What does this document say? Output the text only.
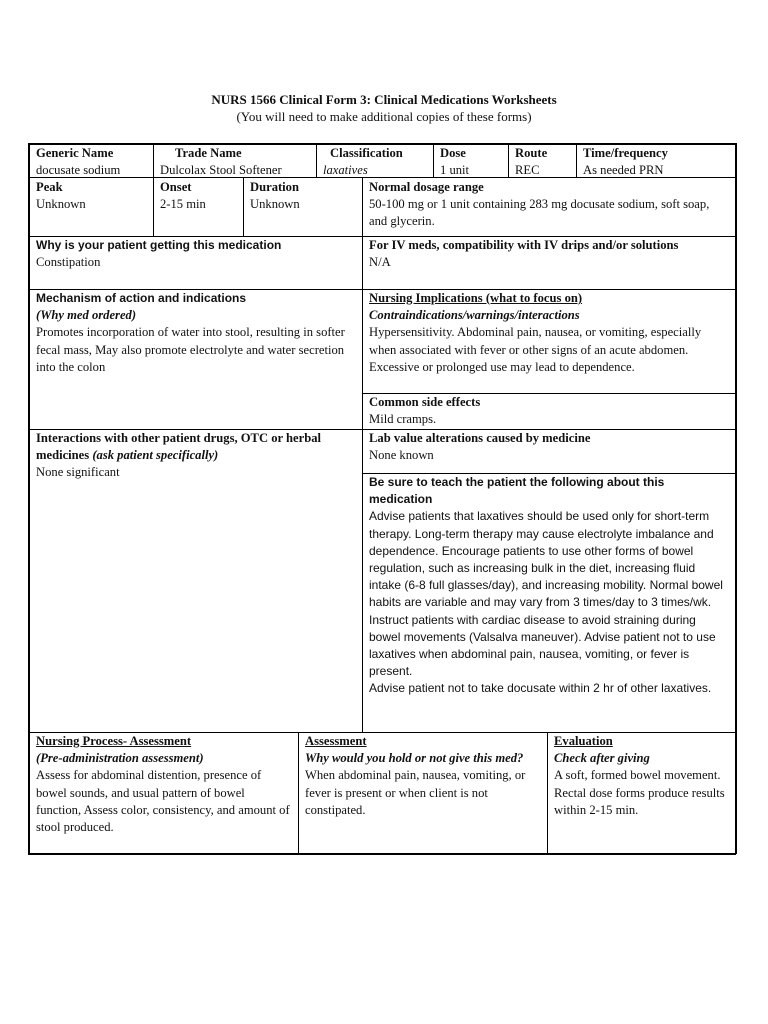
NURS 1566 Clinical Form 3: Clinical Medications Worksheets
(You will need to make additional copies of these forms)
Generic Name
docusate sodium
Trade Name
Dulcolax Stool Softener
Classification
laxatives
Dose
1 unit
Route
REC
Time/frequency
As needed PRN
Peak
Unknown
Onset
2-15 min
Duration
Unknown
Normal dosage range
50-100 mg or 1 unit containing 283 mg docusate sodium, soft soap, and glycerin.
Why is your patient getting this medication
Constipation
For IV meds, compatibility with IV drips and/or solutions
N/A
Mechanism of action and indications
(Why med ordered)
Promotes incorporation of water into stool, resulting in softer fecal mass, May also promote electrolyte and water secretion into the colon
Nursing Implications (what to focus on)
Contraindications/warnings/interactions
Hypersensitivity. Abdominal pain, nausea, or vomiting, especially when associated with fever or other signs of an acute abdomen. Excessive or prolonged use may lead to dependence.
Common side effects
Mild cramps.
Interactions with other patient drugs, OTC or herbal medicines (ask patient specifically)
None significant
Lab value alterations caused by medicine
None known
Be sure to teach the patient the following about this medication
Advise patients that laxatives should be used only for short-term therapy. Long-term therapy may cause electrolyte imbalance and dependence. Encourage patients to use other forms of bowel regulation, such as increasing bulk in the diet, increasing fluid intake (6-8 full glasses/day), and increasing mobility. Normal bowel habits are variable and may vary from 3 times/day to 3 times/wk. Instruct patients with cardiac disease to avoid straining during bowel movements (Valsalva maneuver). Advise patient not to use laxatives when abdominal pain, nausea, vomiting, or fever is present.
Advise patient not to take docusate within 2 hr of other laxatives.
Nursing Process- Assessment
(Pre-administration assessment)
Assess for abdominal distention, presence of bowel sounds, and usual pattern of bowel function, Assess color, consistency, and amount of stool produced.
Assessment
Why would you hold or not give this med?
When abdominal pain, nausea, vomiting, or fever is present or when client is not constipated.
Evaluation
Check after giving
A soft, formed bowel movement. Rectal dose forms produce results within 2-15 min.
